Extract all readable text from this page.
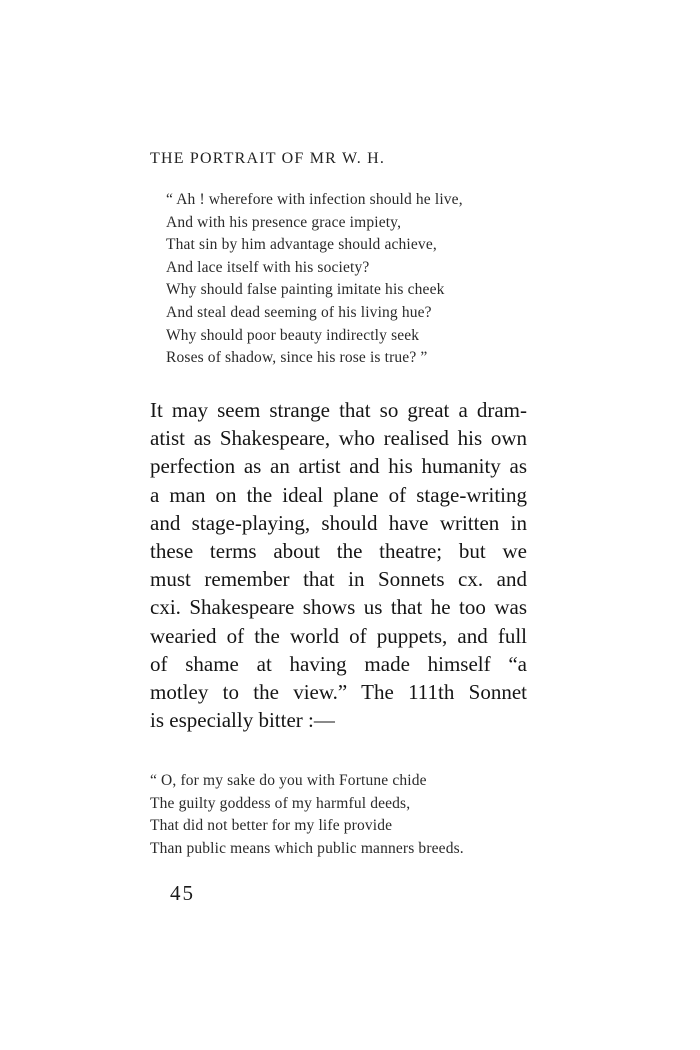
THE PORTRAIT OF MR W. H.
“ Ah ! wherefore with infection should he live,
And with his presence grace impiety,
That sin by him advantage should achieve,
And lace itself with his society?
Why should false painting imitate his cheek
And steal dead seeming of his living hue?
Why should poor beauty indirectly seek
Roses of shadow, since his rose is true? ”
It may seem strange that so great a dram-
atist as Shakespeare, who realised his own
perfection as an artist and his humanity as
a man on the ideal plane of stage-writing
and stage-playing, should have written in
these terms about the theatre; but we
must remember that in Sonnets cx. and
cxi. Shakespeare shows us that he too was
wearied of the world of puppets, and full
of shame at having made himself “a
motley to the view.” The 111th Sonnet
is especially bitter :—
“ O, for my sake do you with Fortune chide
The guilty goddess of my harmful deeds,
That did not better for my life provide
Than public means which public manners breeds.
45
